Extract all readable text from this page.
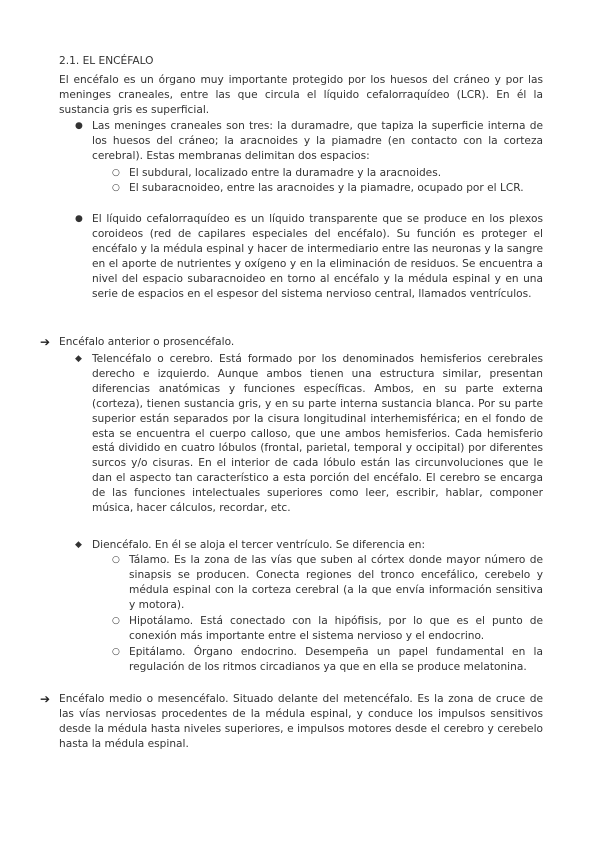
2.1. EL ENCÉFALO

El encéfalo es un órgano muy importante protegido por los huesos del cráneo y por las meninges craneales, entre las que circula el líquido cefalorraquídeo (LCR). En él la sustancia gris es superficial.

● Las meninges craneales son tres: la duramadre, que tapiza la superficie interna de los huesos del cráneo; la aracnoides y la piamadre (en contacto con la corteza cerebral). Estas membranas delimitan dos espacios:

○ El subdural, localizado entre la duramadre y la aracnoides.
○ El subaracnoideo, entre las aracnoides y la piamadre, ocupado por el LCR.
● El líquido cefalorraquídeo es un líquido transparente que se produce en los plexos coroideos (red de capilares especiales del encéfalo). Su función es proteger el encéfalo y la médula espinal y hacer de intermediario entre las neuronas y la sangre en el aporte de nutrientes y oxígeno y en la eliminación de residuos. Se encuentra a nivel del espacio subaracnoideo en torno al encéfalo y la médula espinal y en una serie de espacios en el espesor del sistema nervioso central, llamados ventrículos.

➔ Encéfalo anterior o prosencéfalo.
◆ Telencéfalo o cerebro. Está formado por los denominados hemisferios cerebrales derecho e izquierdo. Aunque ambos tienen una estructura similar, presentan diferencias anatómicas y funciones específicas. Ambos, en su parte externa (corteza), tienen sustancia gris, y en su parte interna sustancia blanca. Por su parte superior están separados por la cisura longitudinal interhemisférica; en el fondo de esta se encuentra el cuerpo calloso, que une ambos hemisferios. Cada hemisferio está dividido en cuatro lóbulos (frontal, parietal, temporal y occipital) por diferentes surcos y/o cisuras. En el interior de cada lóbulo están las circunvoluciones que le dan el aspecto tan característico a esta porción del encéfalo. El cerebro se encarga de las funciones intelectuales superiores como leer, escribir, hablar, componer música, hacer cálculos, recordar, etc.

◆ Diencéfalo. En él se aloja el tercer ventrículo. Se diferencia en:
○ Tálamo. Es la zona de las vías que suben al córtex donde mayor número de sinapsis se producen. Conecta regiones del tronco encefálico, cerebelo y médula espinal con la corteza cerebral (a la que envía información sensitiva y motora).

○ Hipotálamo. Está conectado con la hipófisis, por lo que es el punto de conexión más importante entre el sistema nervioso y el endocrino.

○ Epitálamo. Órgano endocrino. Desempeña un papel fundamental en la regulación de los ritmos circadianos ya que en ella se produce melatonina.

➔ Encéfalo medio o mesencéfalo. Situado delante del metencéfalo. Es la zona de cruce de las vías nerviosas procedentes de la médula espinal, y conduce los impulsos sensitivos desde la médula hasta niveles superiores, e impulsos motores desde el cerebro y cerebelo hasta la médula espinal.
